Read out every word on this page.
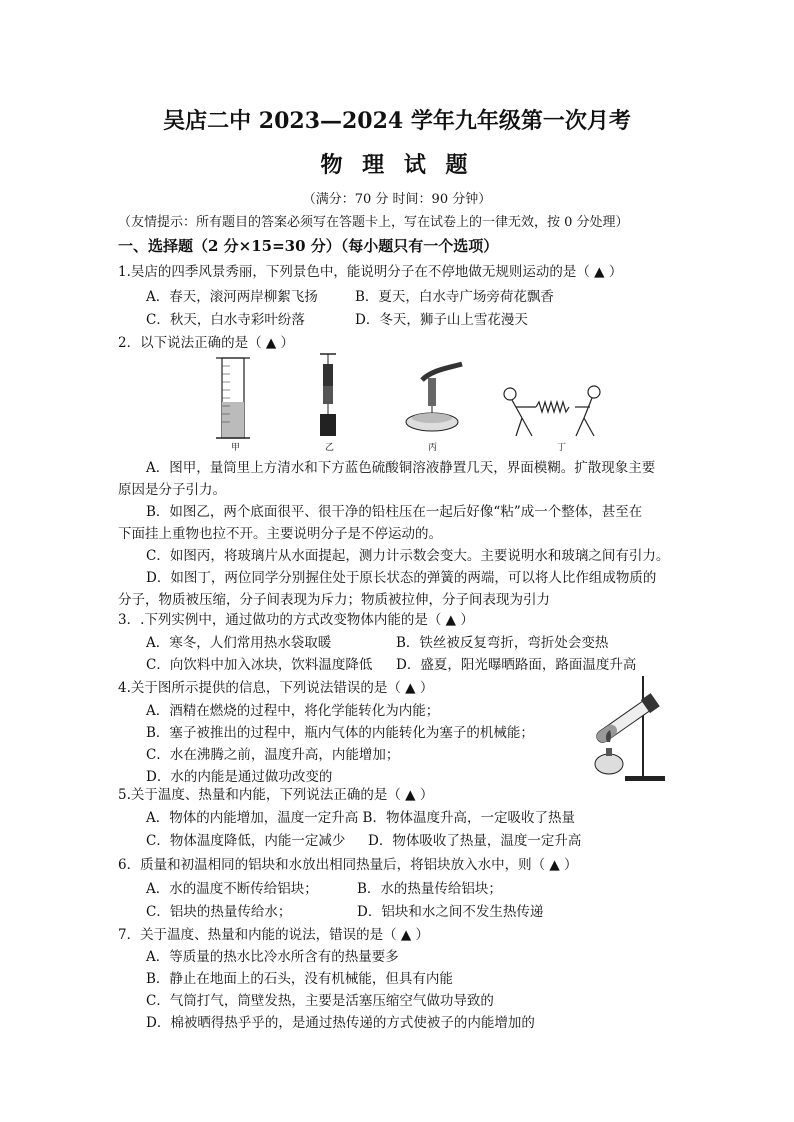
吴店二中 2023—2024 学年九年级第一次月考
物 理 试 题
（满分：70 分 时间：90 分钟）
（友情提示：所有题目的答案必须写在答题卡上，写在试卷上的一律无效，按 0 分处理）
一、选择题（2 分×15=30 分）（每小题只有一个选项）
1.吴店的四季风景秀丽，下列景色中，能说明分子在不停地做无规则运动的是（ ▲ ）
A．春天，滚河两岸柳絮飞扬	B．夏天，白水寺广场旁荷花飘香
C．秋天，白水寺彩叶纷落	D．冬天，狮子山上雪花漫天
2．以下说法正确的是（ ▲ ）
甲	乙	丙	丁
A．图甲，量筒里上方清水和下方蓝色硫酸铜溶液静置几天，界面模糊。扩散现象主要
原因是分子引力。
B．如图乙，两个底面很平、很干净的铅柱压在一起后好像“粘”成一个整体，甚至在
下面挂上重物也拉不开。主要说明分子是不停运动的。
C．如图丙，将玻璃片从水面提起，测力计示数会变大。主要说明水和玻璃之间有引力。
D．如图丁，两位同学分别握住处于原长状态的弹簧的两端，可以将人比作组成物质的
分子，物质被压缩，分子间表现为斥力；物质被拉伸，分子间表现为引力
3．.下列实例中，通过做功的方式改变物体内能的是（ ▲ ）
A．寒冬，人们常用热水袋取暖	B．铁丝被反复弯折，弯折处会变热
C．向饮料中加入冰块，饮料温度降低 D．盛夏，阳光曝晒路面，路面温度升高
4.关于图所示提供的信息，下列说法错误的是（ ▲ ）
A．酒精在燃烧的过程中，将化学能转化为内能；
B．塞子被推出的过程中，瓶内气体的内能转化为塞子的机械能；
C．水在沸腾之前，温度升高，内能增加；
D．水的内能是通过做功改变的
5.关于温度、热量和内能，下列说法正确的是（ ▲ ）
A．物体的内能增加，温度一定升高 B．物体温度升高，一定吸收了热量
C．物体温度降低，内能一定减少 D．物体吸收了热量，温度一定升高
6．质量和初温相同的铝块和水放出相同热量后，将铝块放入水中，则（ ▲ ）
A．水的温度不断传给铝块；	B．水的热量传给铝块；
C．铝块的热量传给水；	D．铝块和水之间不发生热传递
7．关于温度、热量和内能的说法，错误的是（ ▲ ）
A．等质量的热水比冷水所含有的热量要多
B．静止在地面上的石头，没有机械能，但具有内能
C．气筒打气，筒壁发热，主要是活塞压缩空气做功导致的
D．棉被晒得热乎乎的，是通过热传递的方式使被子的内能增加的
